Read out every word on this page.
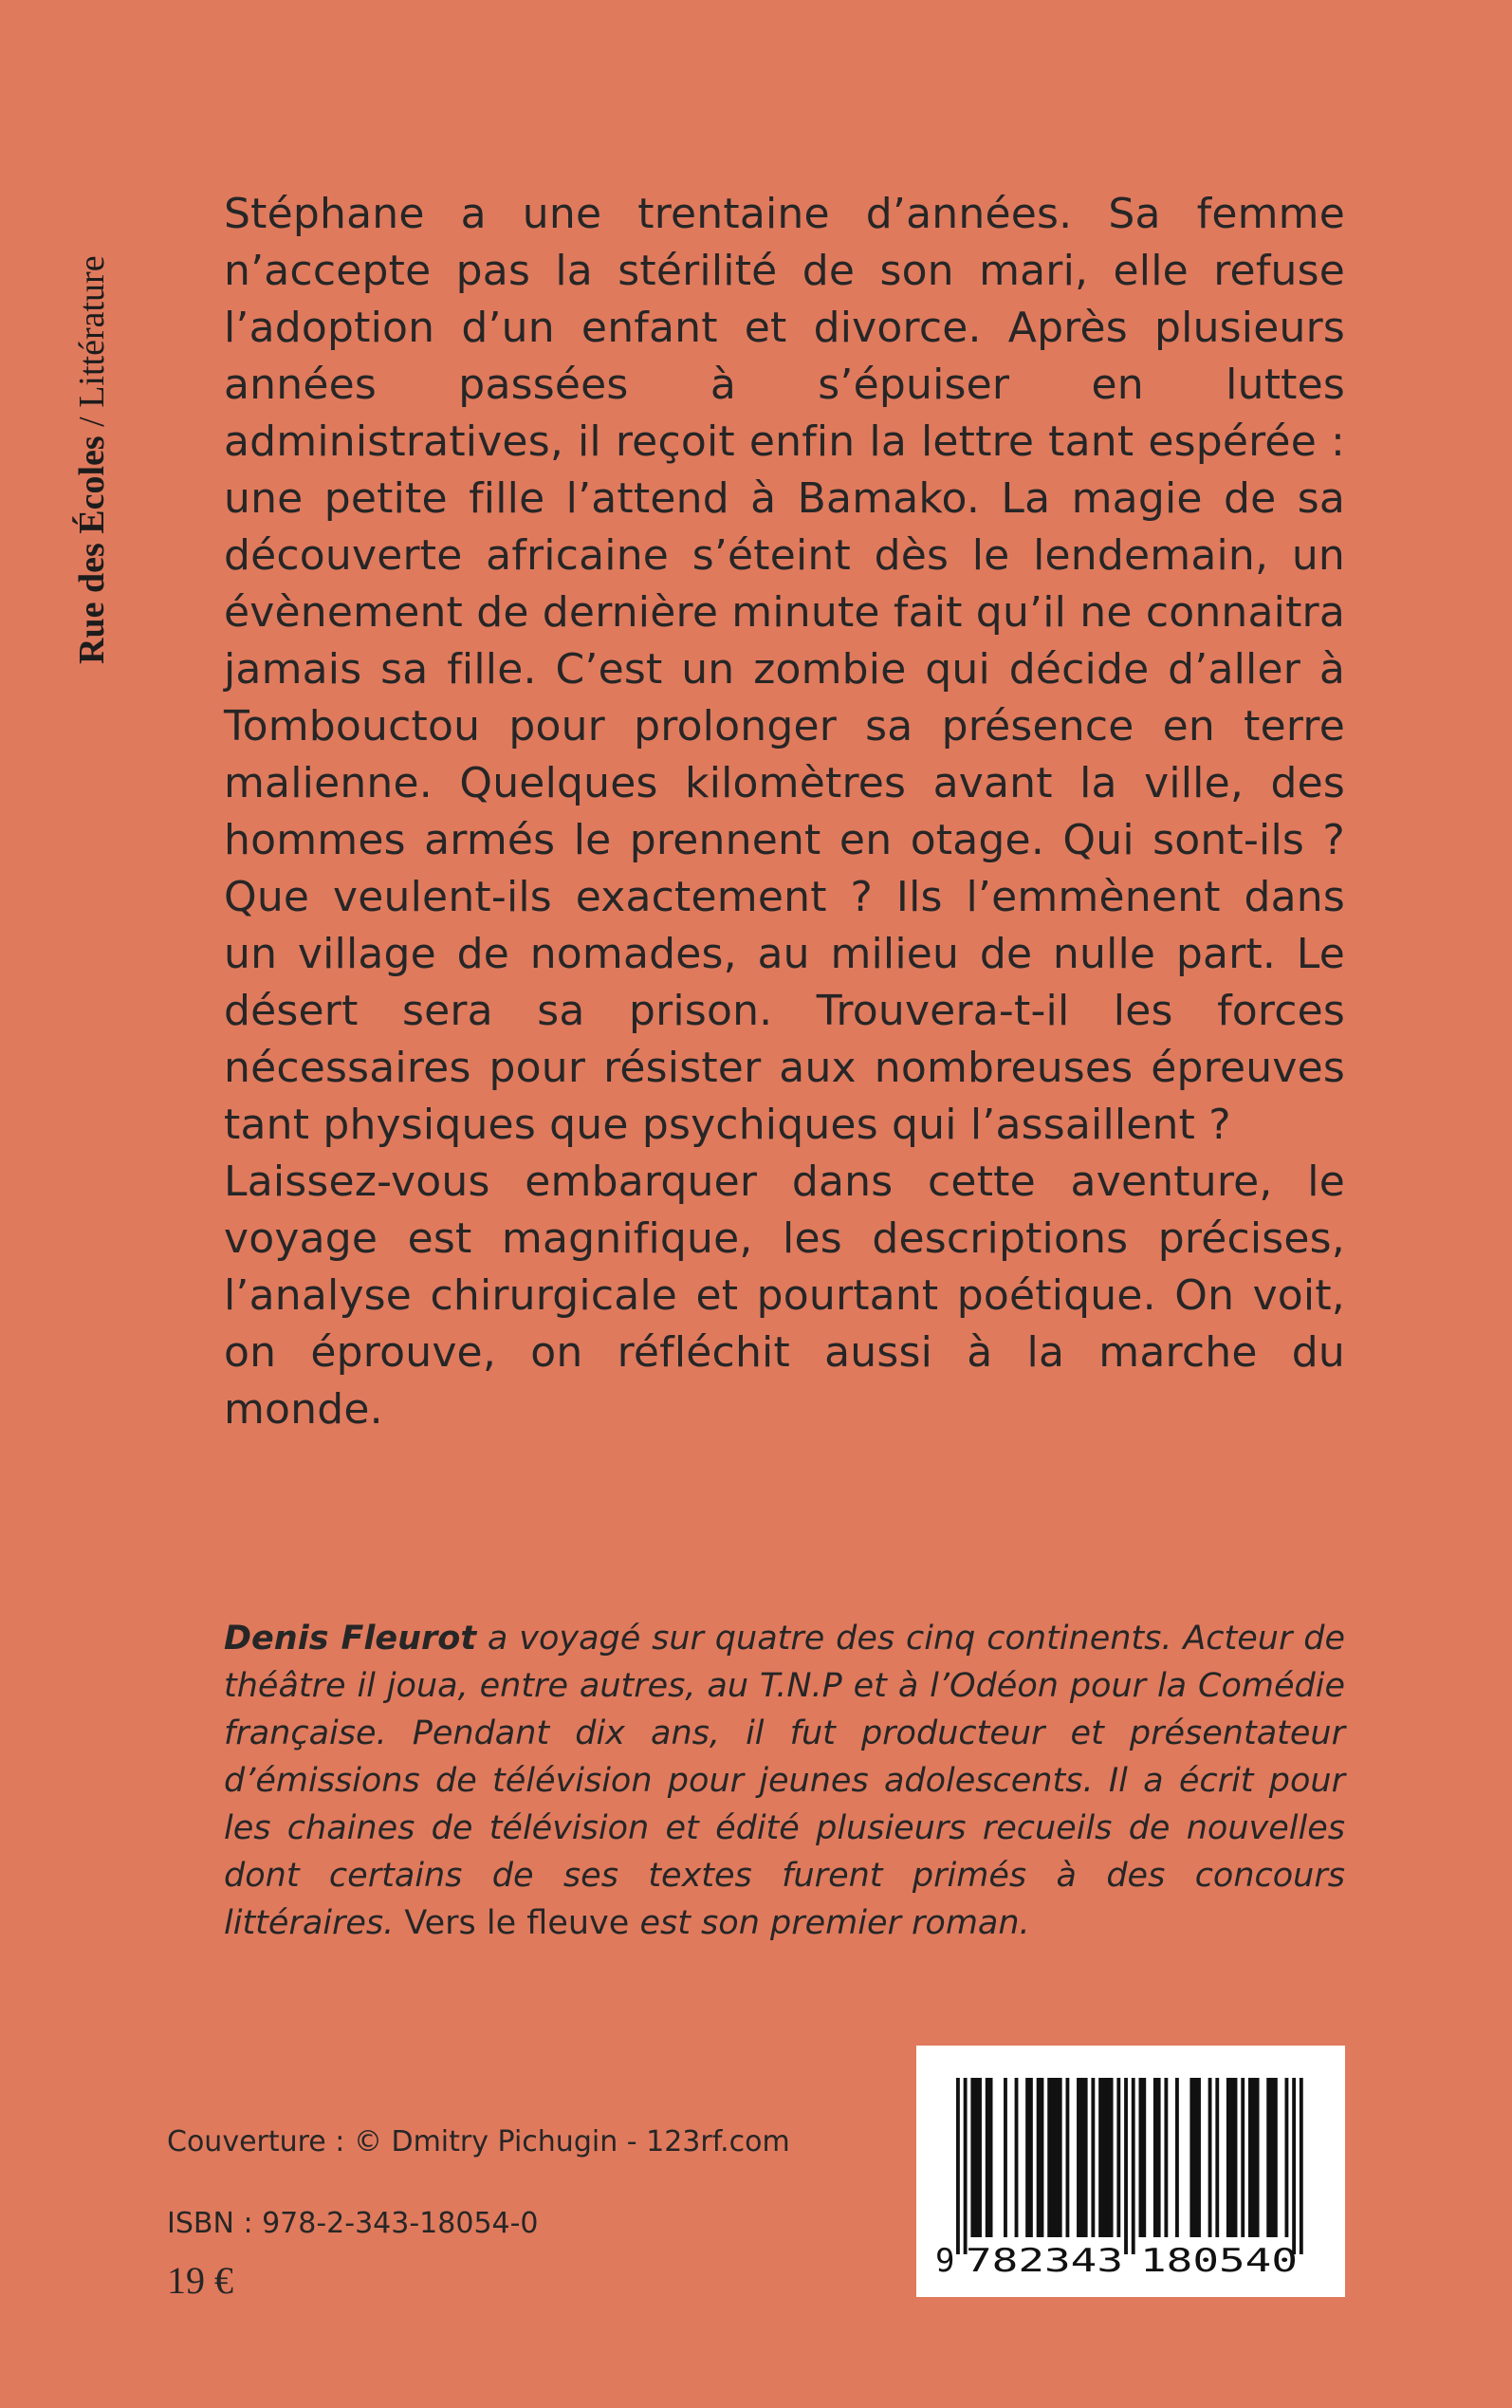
Rue des Écoles / Littérature

Stéphane a une trentaine d’années. Sa femme n’accepte pas la stérilité de son mari, elle refuse l’adoption d’un enfant et divorce. Après plusieurs années passées à s’épuiser en luttes administratives, il reçoit enfin la lettre tant espérée : une petite fille l’attend à Bamako. La magie de sa découverte africaine s’éteint dès le lendemain, un évènement de dernière minute fait qu’il ne connaitra jamais sa fille. C’est un zombie qui décide d’aller à Tombouctou pour prolonger sa présence en terre malienne. Quelques kilomètres avant la ville, des hommes armés le prennent en otage. Qui sont-ils ? Que veulent-ils exactement ? Ils l’emmènent dans un village de nomades, au milieu de nulle part. Le désert sera sa prison. Trouvera-t-il les forces nécessaires pour résister aux nombreuses épreuves tant physiques que psychiques qui l’assaillent ?

Laissez-vous embarquer dans cette aventure, le voyage est magnifique, les descriptions précises, l’analyse chirurgicale et pourtant poétique. On voit, on éprouve, on réfléchit aussi à la marche du monde.

Denis Fleurot a voyagé sur quatre des cinq continents. Acteur de théâtre il joua, entre autres, au T.N.P et à l’Odéon pour la Comédie française. Pendant dix ans, il fut producteur et présentateur d’émissions de télévision pour jeunes adolescents. Il a écrit pour les chaines de télévision et édité plusieurs recueils de nouvelles dont certains de ses textes furent primés à des concours littéraires. Vers le fleuve est son premier roman.
Couverture : © Dmitry Pichugin - 123rf.com
ISBN : 978-2-343-18054-0
19 €	9 782343 180540
